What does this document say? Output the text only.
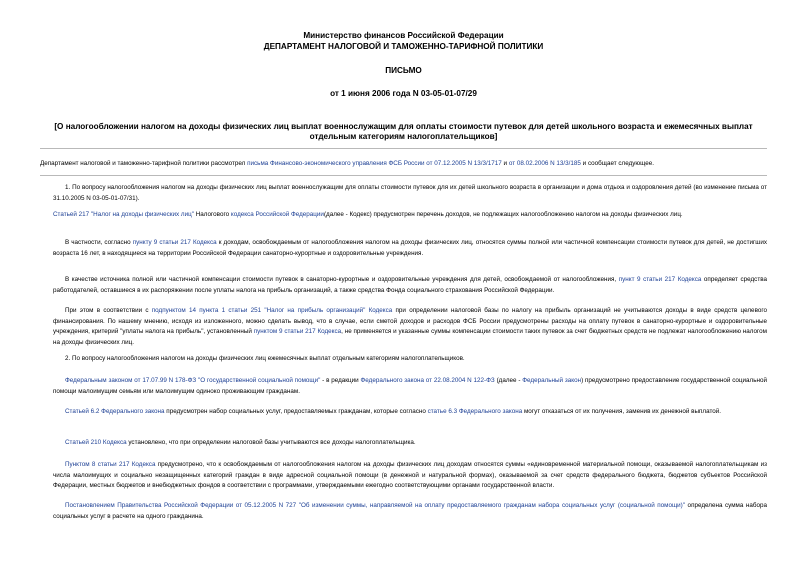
Министерство финансов Российской Федерации
ДЕПАРТАМЕНТ НАЛОГОВОЙ И ТАМОЖЕННО-ТАРИФНОЙ ПОЛИТИКИ
ПИСЬМО
от 1 июня 2006 года N 03-05-01-07/29
[О налогообложении налогом на доходы физических лиц выплат военнослужащим для оплаты стоимости путевок для детей школьного возраста и ежемесячных выплат отдельным категориям налогоплательщиков]

Департамент налоговой и таможенно-тарифной политики рассмотрел письма Финансово-экономического управления ФСБ России от 07.12.2005 N 13/3/1717 и от 08.02.2006 N 13/3/185 и сообщает следующее.

1. По вопросу налогообложения налогом на доходы физических лиц выплат военнослужащим для оплаты стоимости путевок для их детей школьного возраста в организации и дома отдыха и оздоровления детей (во изменение письма от 31.10.2005 N 03-05-01-07/31).

Статьей 217 "Налог на доходы физических лиц" Налогового кодекса Российской Федерации(далее - Кодекс) предусмотрен перечень доходов, не подлежащих налогообложению налогом на доходы физических лиц.

В частности, согласно пункту 9 статьи 217 Кодекса к доходам, освобождаемым от налогообложения налогом на доходы физических лиц, относятся суммы полной или частичной компенсации стоимости путевок для детей, не достигших возраста 16 лет, в находящиеся на территории Российской Федерации санаторно-курортные и оздоровительные учреждения.

В качестве источника полной или частичной компенсации стоимости путевок в санаторно-курортные и оздоровительные учреждения для детей, освобождаемой от налогообложения, пункт 9 статьи 217 Кодекса определяет средства работодателей, оставшиеся в их распоряжении после уплаты налога на прибыль организаций, а также средства Фонда социального страхования Российской Федерации.

При этом в соответствии с подпунктом 14 пункта 1 статьи 251 "Налог на прибыль организаций" Кодекса при определении налоговой базы по налогу на прибыль организаций не учитываются доходы в виде средств целевого финансирования. По нашему мнению, исходя из изложенного, можно сделать вывод, что в случае, если сметой доходов и расходов ФСБ России предусмотрены расходы на оплату путевок в санаторно-курортные и оздоровительные учреждения, критерий "уплаты налога на прибыль", установленный пунктом 9 статьи 217 Кодекса, не применяется и указанные суммы компенсации стоимости таких путевок за счет бюджетных средств не подлежат налогообложению налогом на доходы физических лиц.

2. По вопросу налогообложения налогом на доходы физических лиц ежемесячных выплат отдельным категориям налогоплательщиков.

Федеральным законом от 17.07.99 N 178-ФЗ "О государственной социальной помощи" - в редакции Федерального закона от 22.08.2004 N 122-ФЗ (далее - Федеральный закон) предусмотрено предоставление государственной социальной помощи малоимущим семьям или малоимущим одиноко проживающим гражданам.

Статьей 6.2 Федерального закона предусмотрен набор социальных услуг, предоставляемых гражданам, которые согласно статье 6.3 Федерального закона могут отказаться от их получения, заменив их денежной выплатой.

Статьей 210 Кодекса установлено, что при определении налоговой базы учитываются все доходы налогоплательщика.

Пунктом 8 статьи 217 Кодекса предусмотрено, что к освобождаемым от налогообложения налогом на доходы физических лиц доходам относятся суммы «единовременной материальной помощи, оказываемой налогоплательщикам из числа малоимущих и социально незащищенных категорий граждан в виде адресной социальной помощи (в денежной и натуральной формах), оказываемой за счет средств федерального бюджета, бюджетов субъектов Российской Федерации, местных бюджетов и внебюджетных фондов в соответствии с программами, утверждаемыми ежегодно соответствующими органами государственной власти.

Постановлением Правительства Российской Федерации от 05.12.2005 N 727 "Об изменении суммы, направляемой на оплату предоставляемого гражданам набора социальных услуг (социальной помощи)" определена сумма набора социальных услуг в расчете на одного гражданина.
